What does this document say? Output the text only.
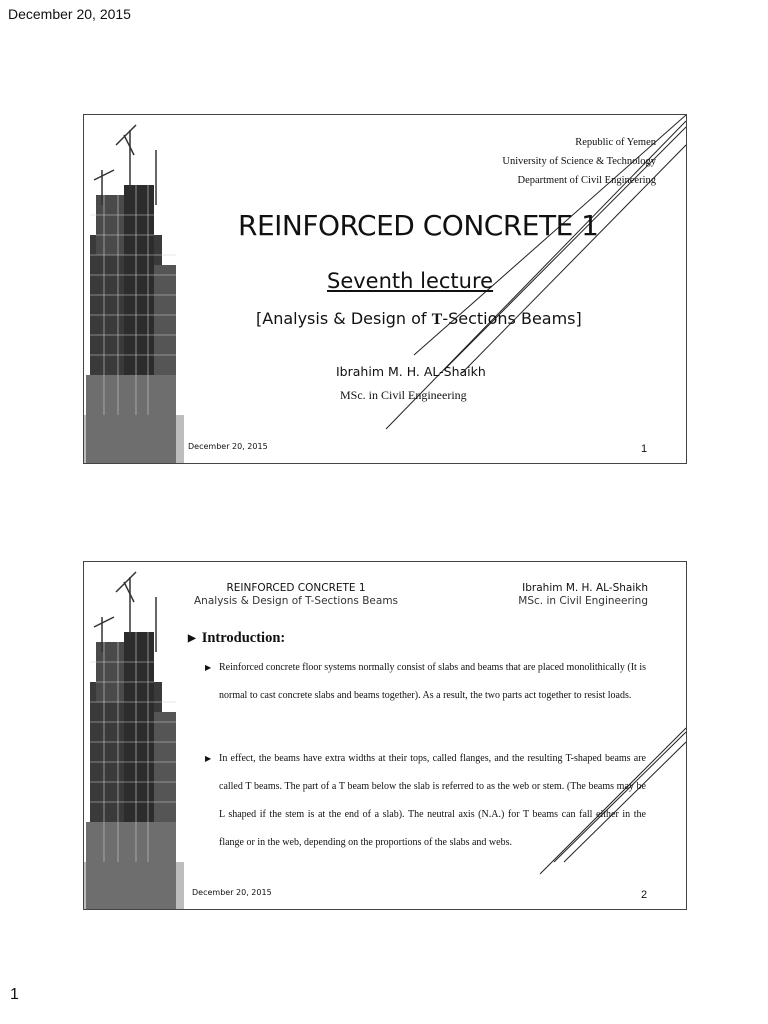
December 20, 2015
Republic of Yemen
University of Science & Technology
Department of Civil Engineering
REINFORCED CONCRETE 1
Seventh lecture
[Analysis & Design of T-Sections Beams]
Ibrahim M. H. AL-Shaikh
MSc. in Civil Engineering
December 20, 2015	1
REINFORCED CONCRETE 1
Analysis & Design of T-Sections Beams
Ibrahim M. H. AL-Shaikh
MSc. in Civil Engineering
▶ Introduction:
▶ Reinforced concrete floor systems normally consist of slabs and beams that are placed monolithically (It is normal to cast concrete slabs and beams together). As a result, the two parts act together to resist loads.
▶ In effect, the beams have extra widths at their tops, called flanges, and the resulting T-shaped beams are called T beams. The part of a T beam below the slab is referred to as the web or stem. (The beams may be L shaped if the stem is at the end of a slab). The neutral axis (N.A.) for T beams can fall either in the flange or in the web, depending on the proportions of the slabs and webs.
December 20, 2015	2
1
